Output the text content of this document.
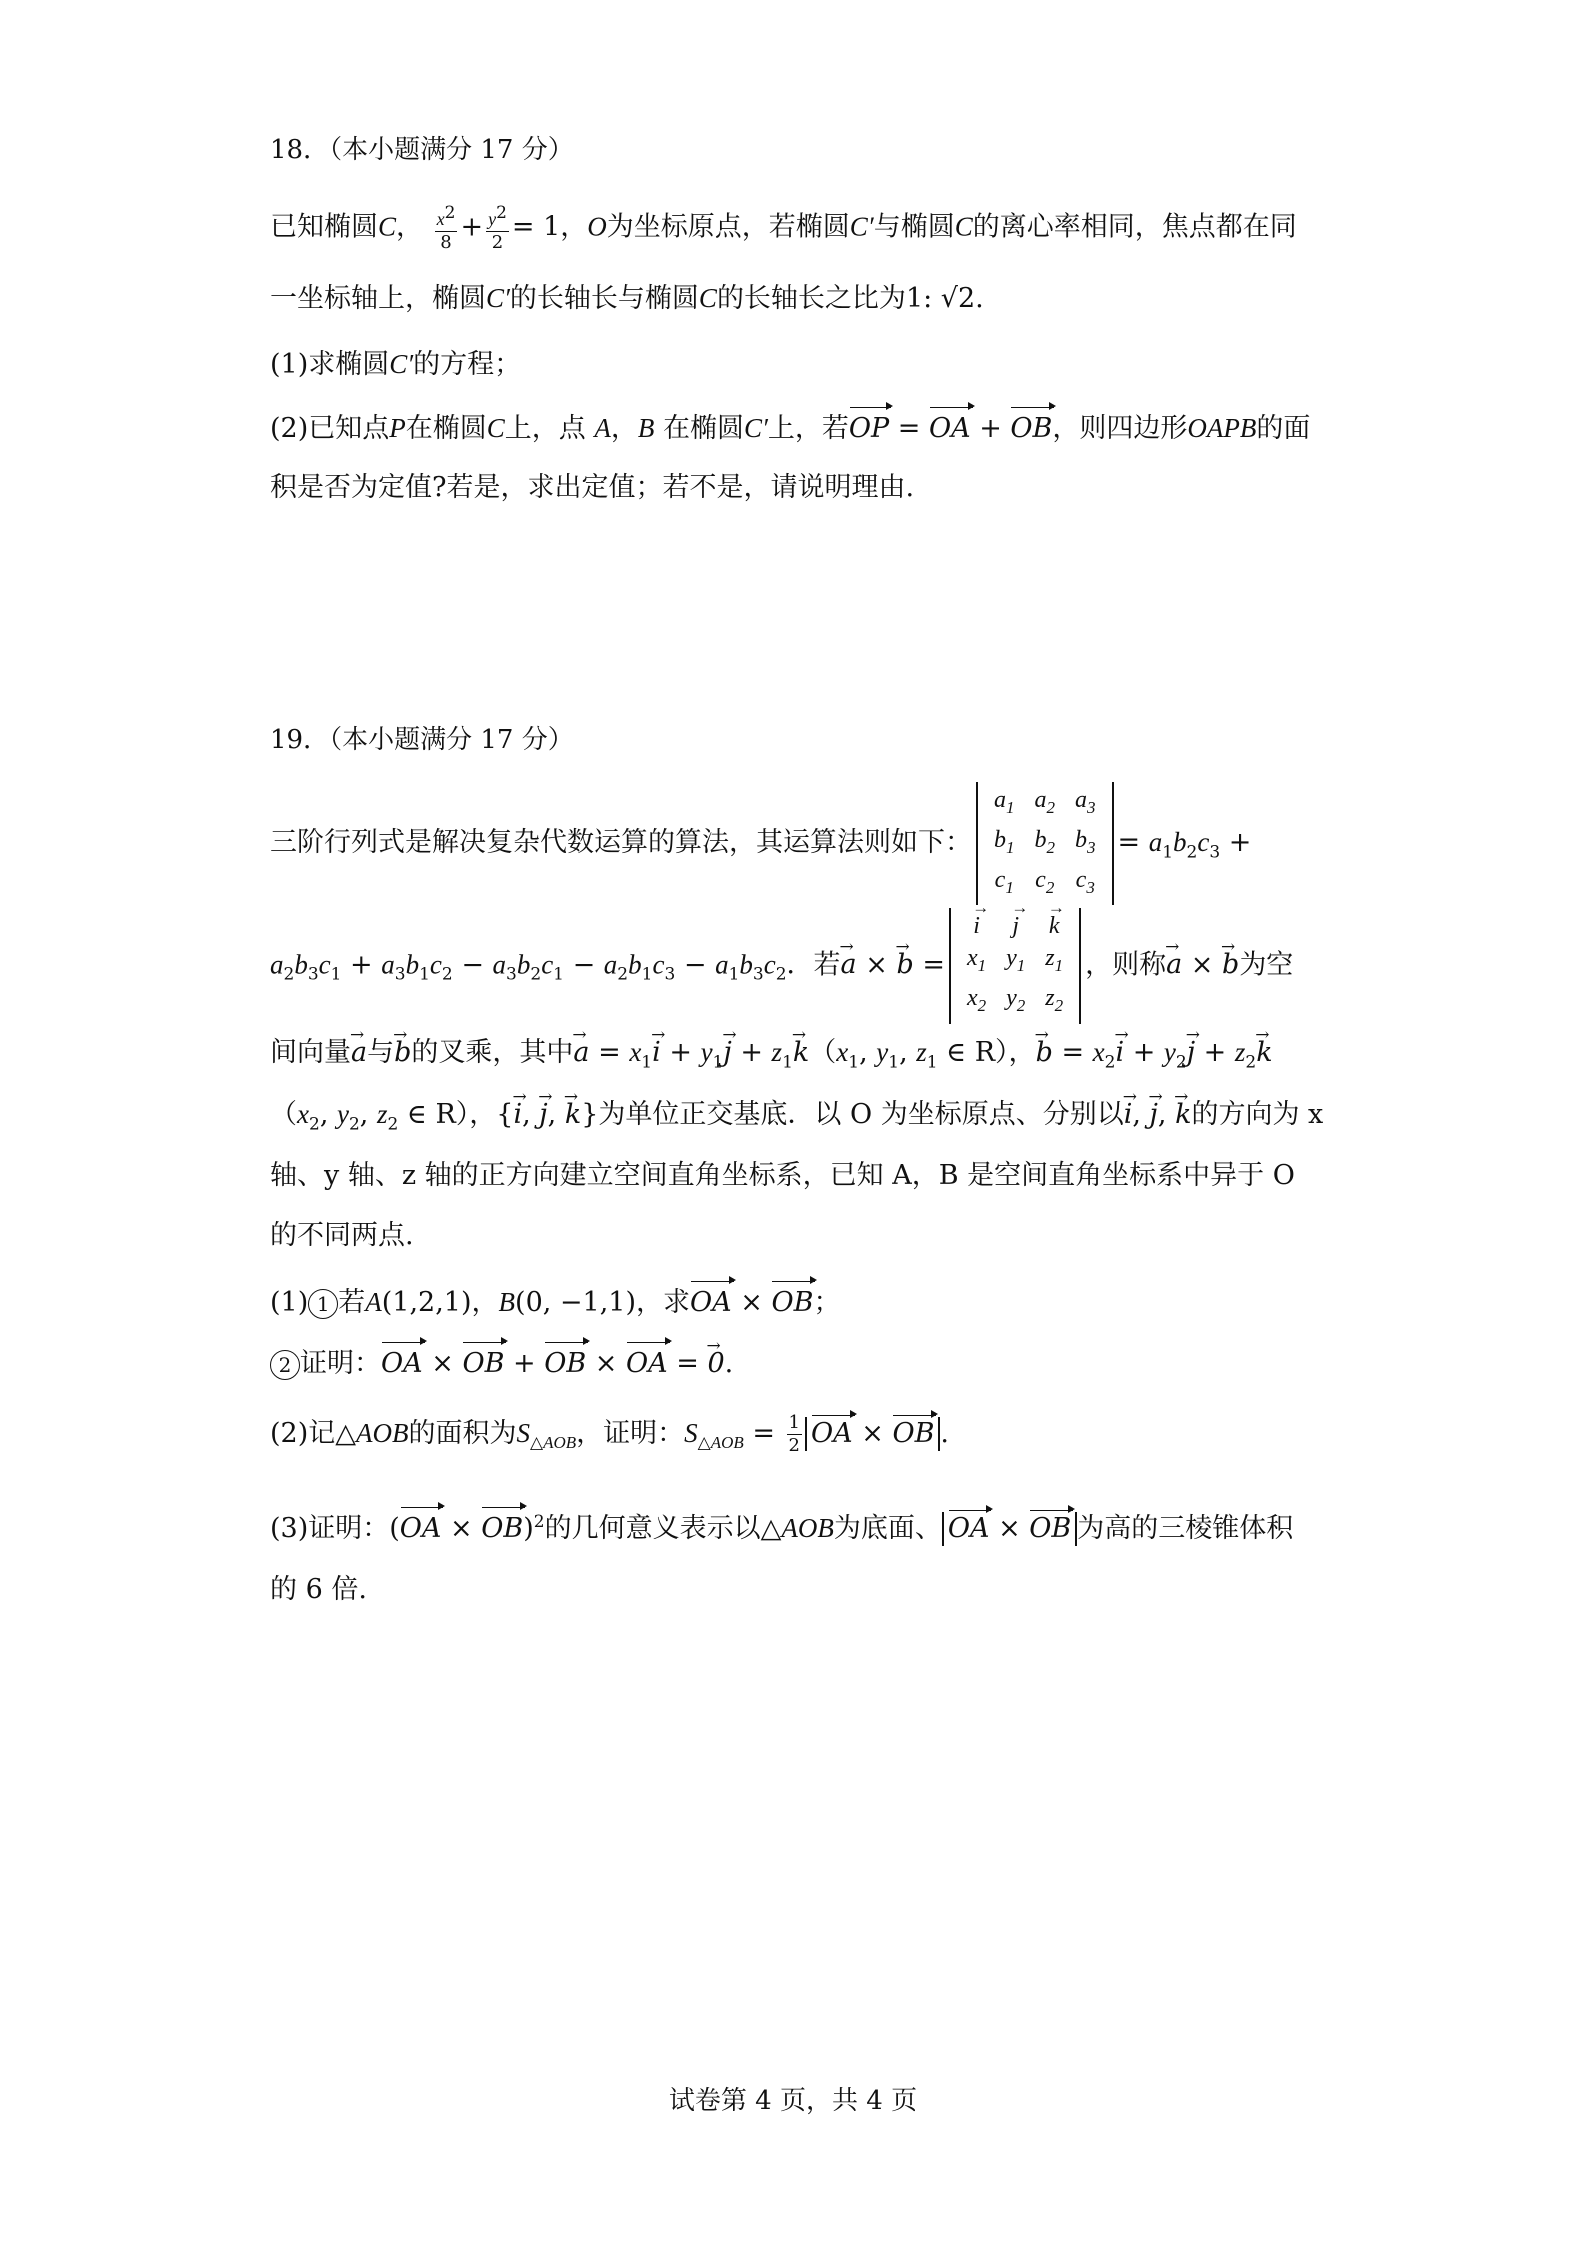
18．（本小题满分 17 分）
已知椭圆C， $\frac{x^2}{8} + \frac{y^2}{2} = 1$，O为坐标原点，若椭圆C′与椭圆C的离心率相同，焦点都在同
一坐标轴上，椭圆C′的长轴长与椭圆C的长轴长之比为1: √2.
(1)求椭圆C′的方程；
(2)已知点P在椭圆C上，点 A，B 在椭圆C′上，若OP = OA + OB，则四边形OAPB的面
积是否为定值?若是，求出定值；若不是，请说明理由.
19．（本小题满分 17 分）
三阶行列式是解决复杂代数运算的算法，其运算法则如下：
$a_1$	$a_2$	$a_3$
$b_1$	$b_2$	$b_3$
$c_1$	$c_2$	$c_3$
= $a_1b_2c_3$ +
$a_2b_3c_1 + a_3b_1c_2 - a_3b_2c_1 - a_2b_1c_3 - a_1b_3c_2$．若a → × b → =
i →	j →	k →
$x_1$	$y_1$	$z_1$
$x_2$	$y_2$	$z_2$
，则称a → × b →为空
间向量a →与b →的叉乘，其中a → = $x_1i$ → + $y_1j$ → + $z_1k \to(x_1$, $y_1$, $z_1$ ∈ R），b → = $x_2i$ → + $y_2j$ → + $z_2k$ →
（$x_2$, $y_2$, $z_2$ ∈ R），{i →, j →, k →}为单位正交基底．以 O 为坐标原点、分别以i →, j →, k →的方向为 x
轴、y 轴、z 轴的正方向建立空间直角坐标系，已知 A，B 是空间直角坐标系中异于 O
的不同两点.
(1) 1 若A(1,2,1)，B(0, −1,1)，求OA × OB；
2 证明：OA × OB + OB × OA = 0 →.
(2)记△AOB的面积为$S_{\triangle AOB}$，证明：$S_{\triangle AOB} = \frac{1}{2}$ OA × OB .
(3)证明：(OA × OB)$^2$的几何意义表示以△AOB为底面、 OA × OB 为高的三棱锥体积
的 6 倍.
试卷第 4 页，共 4 页
